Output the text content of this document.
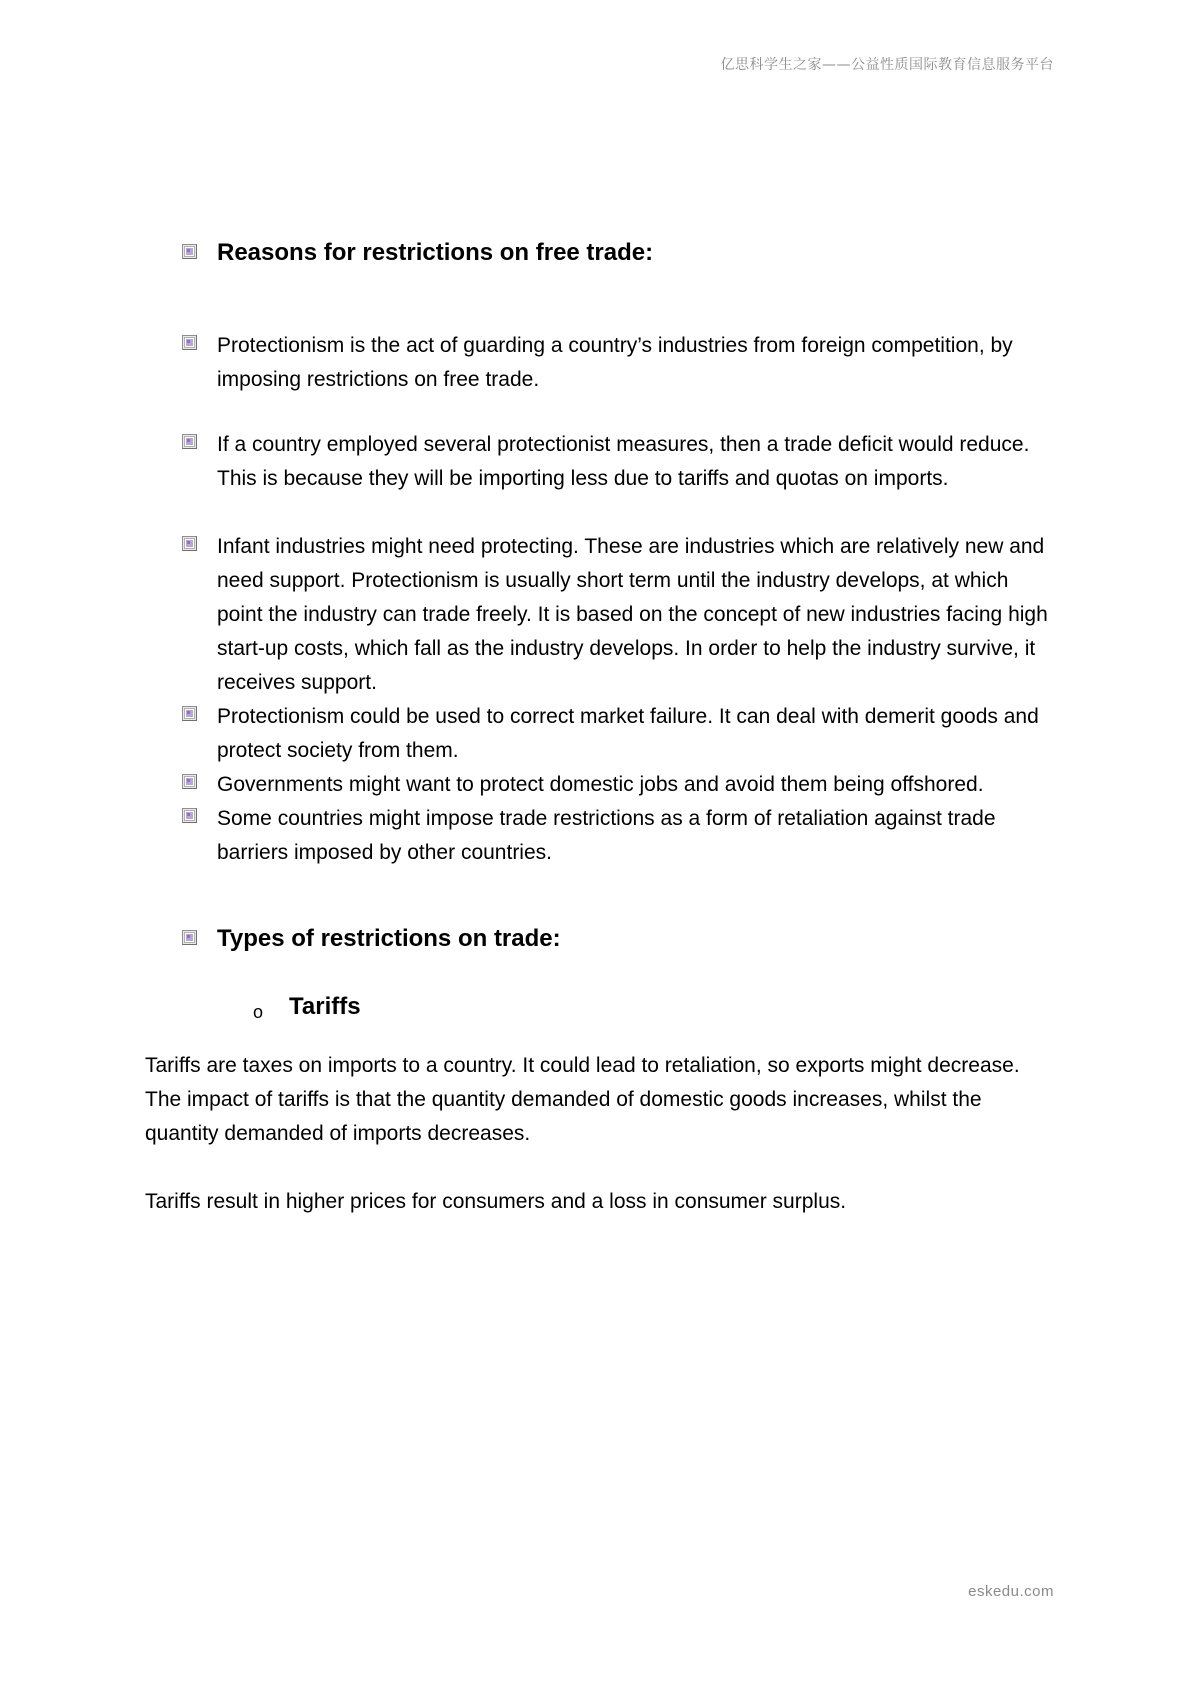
亿思科学生之家——公益性质国际教育信息服务平台
Reasons for restrictions on free trade:
Protectionism is the act of guarding a country’s industries from foreign competition, by imposing restrictions on free trade.
If a country employed several protectionist measures, then a trade deficit would reduce. This is because they will be importing less due to tariffs and quotas on imports.
Infant industries might need protecting. These are industries which are relatively new and need support. Protectionism is usually short term until the industry develops, at which point the industry can trade freely. It is based on the concept of new industries facing high start-up costs, which fall as the industry develops. In order to help the industry survive, it receives support.
Protectionism could be used to correct market failure. It can deal with demerit goods and protect society from them.
Governments might want to protect domestic jobs and avoid them being offshored.
Some countries might impose trade restrictions as a form of retaliation against trade barriers imposed by other countries.
Types of restrictions on trade:
o Tariffs
Tariffs are taxes on imports to a country. It could lead to retaliation, so exports might decrease. The impact of tariffs is that the quantity demanded of domestic goods increases, whilst the quantity demanded of imports decreases.
Tariffs result in higher prices for consumers and a loss in consumer surplus.
eskedu.com
